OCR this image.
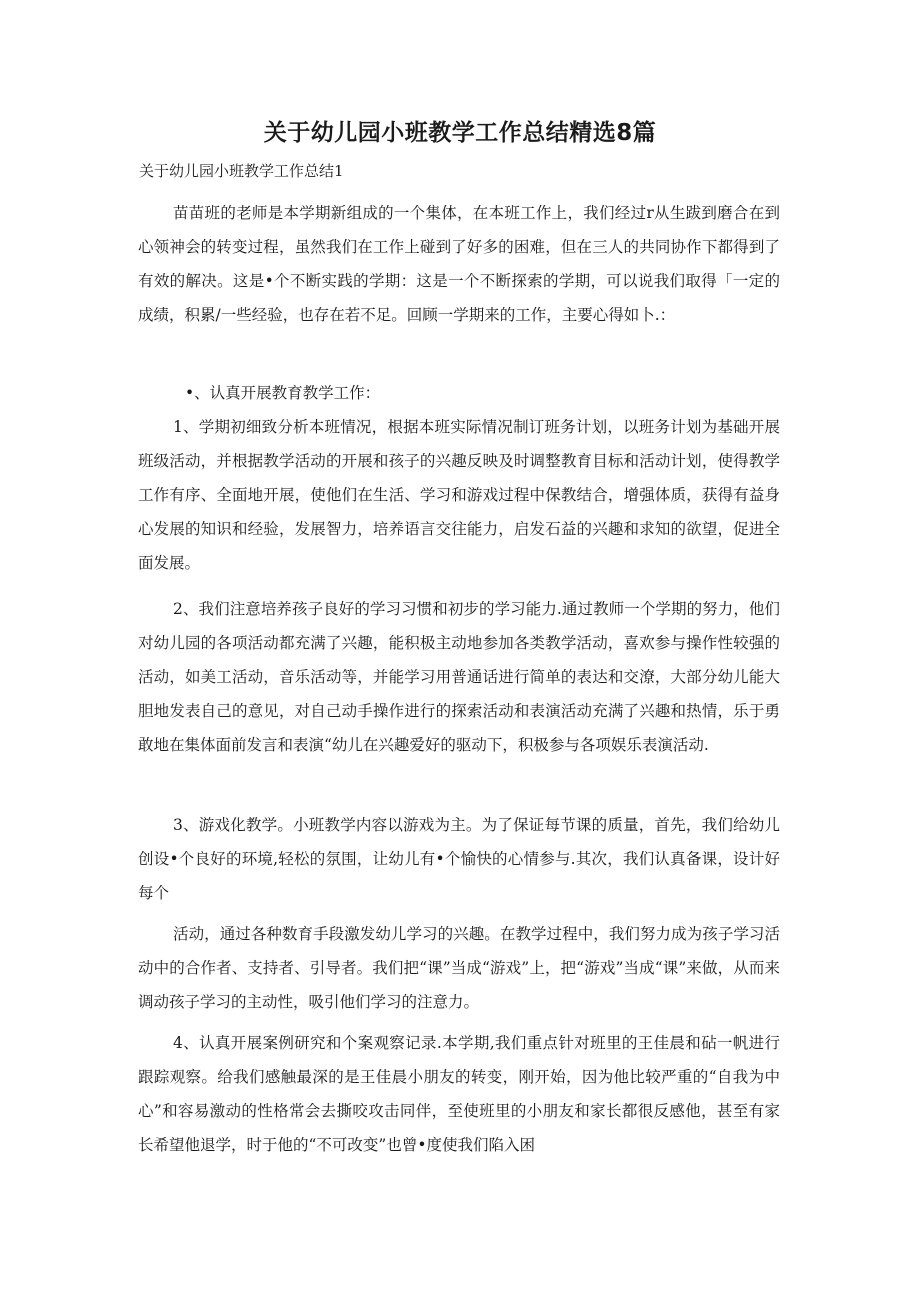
关于幼儿园小班教学工作总结精选8篇

关于幼儿园小班教学工作总结1

苗苗班的老师是本学期新组成的一个集体，在本班工作上，我们经过r从生跋到磨合在到心领神会的转变过程，虽然我们在工作上碰到了好多的困难，但在三人的共同协作下都得到了有效的解决。这是•个不断实践的学期：这是一个不断探索的学期，可以说我们取得「一定的成绩，积累/一些经验，也存在若不足。回顾一学期来的工作，主要心得如卜.：

•、认真开展教育教学工作：

1、学期初细致分析本班情况，根据本班实际情况制订班务计划，以班务计划为基础开展班级活动，并根据教学活动的开展和孩子的兴趣反映及时调整教育目标和活动计划，使得教学工作有序、全面地开展，使他们在生活、学习和游戏过程中保教结合，增强体质，获得有益身心发展的知识和经验，发展智力，培养语言交往能力，启发石益的兴趣和求知的欲望，促进全面发展。

2、我们注意培养孩子良好的学习习惯和初步的学习能力.通过教师一个学期的努力，他们对幼儿园的各项活动都充满了兴趣，能积极主动地参加各类教学活动，喜欢参与操作性较强的活动，如美工活动，音乐活动等，并能学习用普通话进行简单的表达和交潦，大部分幼儿能大胆地发表自己的意见，对自己动手操作进行的探索活动和表演活动充满了兴趣和热情，乐于勇敢地在集体面前发言和表演“幼儿在兴趣爱好的驱动下，积极参与各项娱乐表演活动.

3、游戏化教学。小班教学内容以游戏为主。为了保证每节课的质量，首先，我们给幼儿创设•个良好的环境,轻松的氛围，让幼儿有•个愉快的心情参与.其次，我们认真备课，设计好每个

活动，通过各种数育手段激发幼儿学习的兴趣。在教学过程中，我们努力成为孩子学习活动中的合作者、支持者、引导者。我们把“课”当成“游戏”上，把“游戏”当成“课”来做，从而来调动孩子学习的主动性，吸引他们学习的注意力。

4、认真开展案例研究和个案观察记录.本学期,我们重点针对班里的王佳晨和砧一帆进行跟踪观察。给我们感触最深的是王佳晨小朋友的转变，刚开始，因为他比较严重的“自我为中心”和容易激动的性格常会去撕咬攻击同伴，至使班里的小朋友和家长都很反感他，甚至有家长希望他退学，时于他的“不可改变”也曾•度使我们陷入困
